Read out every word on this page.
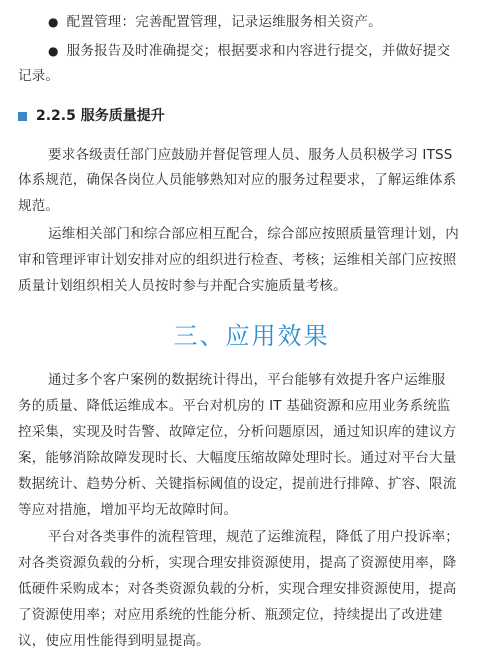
● 配置管理：完善配置管理，记录运维服务相关资产。
● 服务报告及时准确提交；根据要求和内容进行提交，并做好提交
记录。
2.2.5 服务质量提升
要求各级责任部门应鼓励并督促管理人员、服务人员积极学习 ITSS
体系规范，确保各岗位人员能够熟知对应的服务过程要求，了解运维体系
规范。
运维相关部门和综合部应相互配合，综合部应按照质量管理计划，内
审和管理评审计划安排对应的组织进行检查、考核；运维相关部门应按照
质量计划组织相关人员按时参与并配合实施质量考核。
三、应用效果
通过多个客户案例的数据统计得出，平台能够有效提升客户运维服
务的质量、降低运维成本。平台对机房的 IT 基础资源和应用业务系统监
控采集，实现及时告警、故障定位，分析问题原因，通过知识库的建议方
案，能够消除故障发现时长、大幅度压缩故障处理时长。通过对平台大量
数据统计、趋势分析、关键指标阈值的设定，提前进行排障、扩容、限流
等应对措施，增加平均无故障时间。
平台对各类事件的流程管理，规范了运维流程，降低了用户投诉率；
对各类资源负载的分析，实现合理安排资源使用，提高了资源使用率，降
低硬件采购成本；对各类资源负载的分析，实现合理安排资源使用，提高
了资源使用率；对应用系统的性能分析、瓶颈定位，持续提出了改进建
议，使应用性能得到明显提高。
